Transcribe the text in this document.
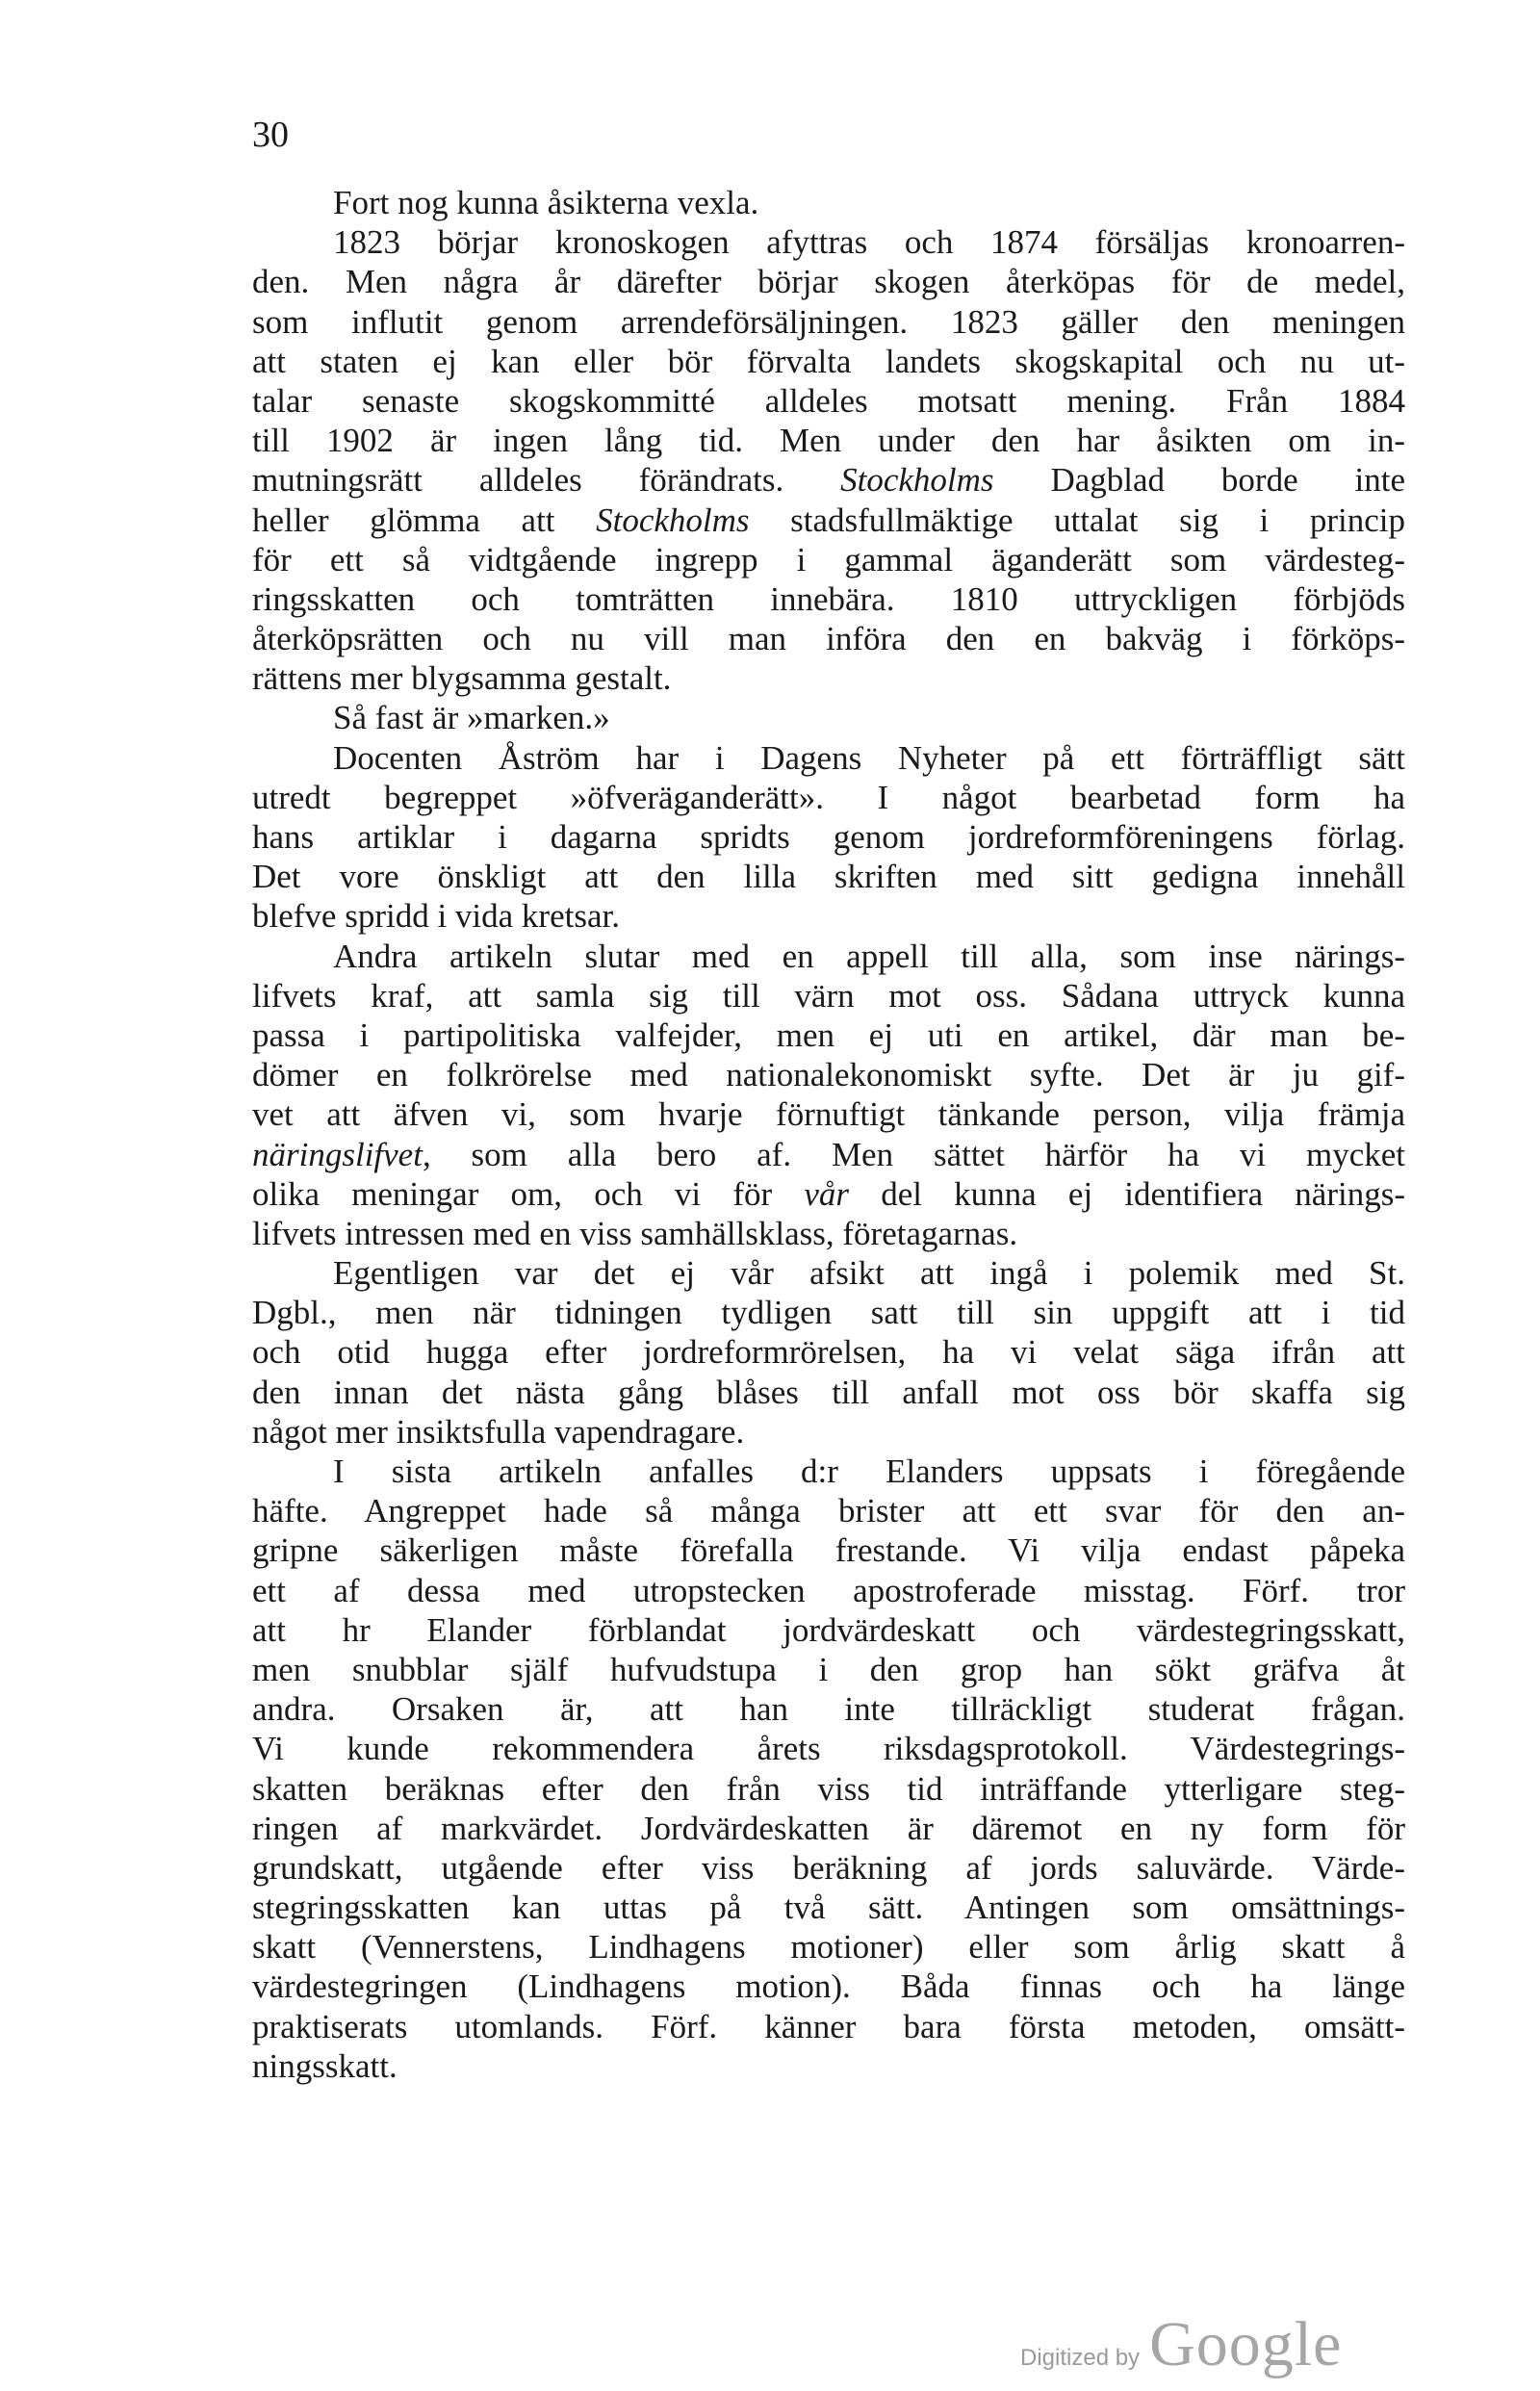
30
Fort nog kunna åsikterna vexla.
1823 börjar kronoskogen afyttras och 1874 försäljas kronoarren-
den. Men några år därefter börjar skogen återköpas för de medel,
som influtit genom arrendeförsäljningen. 1823 gäller den meningen
att staten ej kan eller bör förvalta landets skogskapital och nu ut-
talar senaste skogskommitté alldeles motsatt mening. Från 1884
till 1902 är ingen lång tid. Men under den har åsikten om in-
mutningsrätt alldeles förändrats. Stockholms Dagblad borde inte
heller glömma att Stockholms stadsfullmäktige uttalat sig i princip
för ett så vidtgående ingrepp i gammal äganderätt som värdesteg-
ringsskatten och tomträtten innebära. 1810 uttryckligen förbjöds
återköpsrätten och nu vill man införa den en bakväg i förköps-
rättens mer blygsamma gestalt.
Så fast är »marken.»
Docenten Åström har i Dagens Nyheter på ett förträffligt sätt
utredt begreppet »öfveräganderätt». I något bearbetad form ha
hans artiklar i dagarna spridts genom jordreformföreningens förlag.
Det vore önskligt att den lilla skriften med sitt gedigna innehåll
blefve spridd i vida kretsar.
Andra artikeln slutar med en appell till alla, som inse närings-
lifvets kraf, att samla sig till värn mot oss. Sådana uttryck kunna
passa i partipolitiska valfejder, men ej uti en artikel, där man be-
dömer en folkrörelse med nationalekonomiskt syfte. Det är ju gif-
vet att äfven vi, som hvarje förnuftigt tänkande person, vilja främja
näringslifvet, som alla bero af. Men sättet härför ha vi mycket
olika meningar om, och vi för vår del kunna ej identifiera närings-
lifvets intressen med en viss samhällsklass, företagarnas.
Egentligen var det ej vår afsikt att ingå i polemik med St.
Dgbl., men när tidningen tydligen satt till sin uppgift att i tid
och otid hugga efter jordreformrörelsen, ha vi velat säga ifrån att
den innan det nästa gång blåses till anfall mot oss bör skaffa sig
något mer insiktsfulla vapendragare.
I sista artikeln anfalles d:r Elanders uppsats i föregående
häfte. Angreppet hade så många brister att ett svar för den an-
gripne säkerligen måste förefalla frestande. Vi vilja endast påpeka
ett af dessa med utropstecken apostroferade misstag. Förf. tror
att hr Elander förblandat jordvärdeskatt och värdestegringsskatt,
men snubblar själf hufvudstupa i den grop han sökt gräfva åt
andra. Orsaken är, att han inte tillräckligt studerat frågan.
Vi kunde rekommendera årets riksdagsprotokoll. Värdestegrings-
skatten beräknas efter den från viss tid inträffande ytterligare steg-
ringen af markvärdet. Jordvärdeskatten är däremot en ny form för
grundskatt, utgående efter viss beräkning af jords saluvärde. Värde-
stegringsskatten kan uttas på två sätt. Antingen som omsättnings-
skatt (Vennerstens, Lindhagens motioner) eller som årlig skatt å
värdestegringen (Lindhagens motion). Båda finnas och ha länge
praktiserats utomlands. Förf. känner bara första metoden, omsätt-
ningsskatt.
Digitized by Google
